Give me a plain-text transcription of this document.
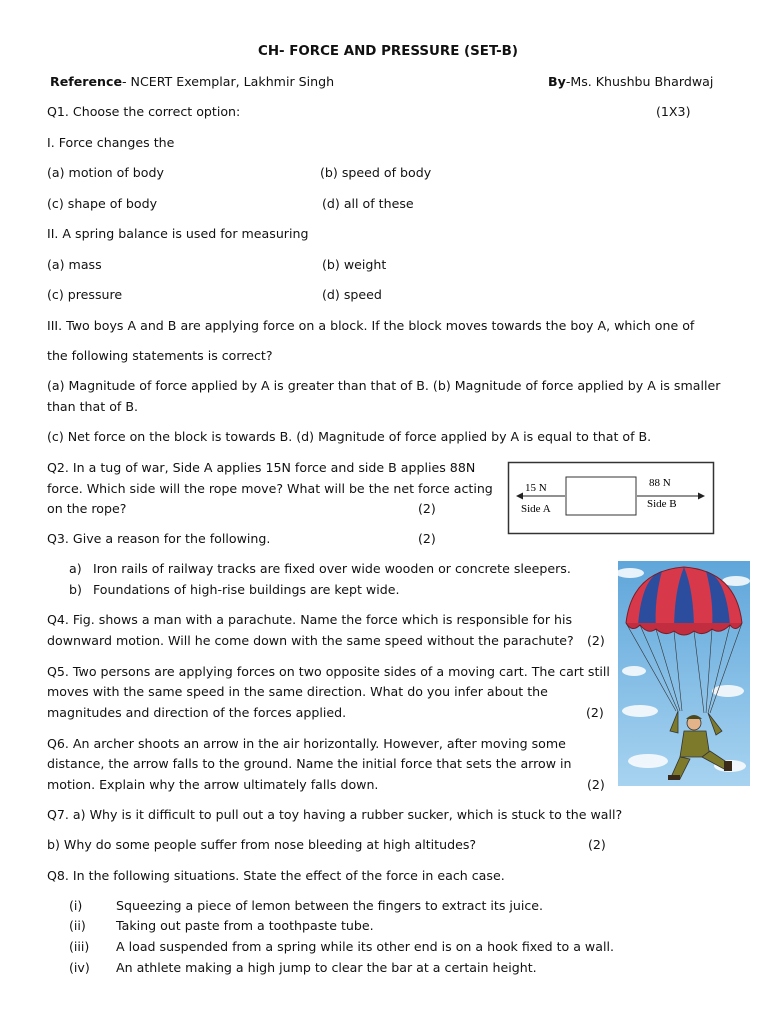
CH- FORCE AND PRESSURE (SET-B)
Reference- NCERT Exemplar, Lakhmir Singh	By-Ms. Khushbu Bhardwaj
Q1. Choose the correct option:	(1X3)
I. Force changes the
(a) motion of body	(b) speed of body
(c) shape of body	(d) all of these
II. A spring balance is used for measuring
(a) mass	(b) weight
(c) pressure	(d) speed
III. Two boys A and B are applying force on a block. If the block moves towards the boy A, which one of
the following statements is correct?
(a) Magnitude of force applied by A is greater than that of B. (b) Magnitude of force applied by A is smaller
than that of B.
(c) Net force on the block is towards B. (d) Magnitude of force applied by A is equal to that of B.
Q2. In a tug of war, Side A applies 15N force and side B applies 88N
force. Which side will the rope move? What will be the net force acting
on the rope?	(2)
15 N
Side A
88 N
Side B
Q3. Give a reason for the following.	(2)
a) Iron rails of railway tracks are fixed over wide wooden or concrete sleepers.
b) Foundations of high-rise buildings are kept wide.
Q4. Fig. shows a man with a parachute. Name the force which is responsible for his
downward motion. Will he come down with the same speed without the parachute? (2)
Q5. Two persons are applying forces on two opposite sides of a moving cart. The cart still
moves with the same speed in the same direction. What do you infer about the
magnitudes and direction of the forces applied.	(2)
Q6. An archer shoots an arrow in the air horizontally. However, after moving some
distance, the arrow falls to the ground. Name the initial force that sets the arrow in
motion. Explain why the arrow ultimately falls down.	(2)
Q7. a) Why is it difficult to pull out a toy having a rubber sucker, which is stuck to the wall?
b) Why do some people suffer from nose bleeding at high altitudes?	(2)
Q8. In the following situations. State the effect of the force in each case.
(i)	Squeezing a piece of lemon between the fingers to extract its juice.
(ii) Taking out paste from a toothpaste tube.
(iii) A load suspended from a spring while its other end is on a hook fixed to a wall.
(iv) An athlete making a high jump to clear the bar at a certain height.
